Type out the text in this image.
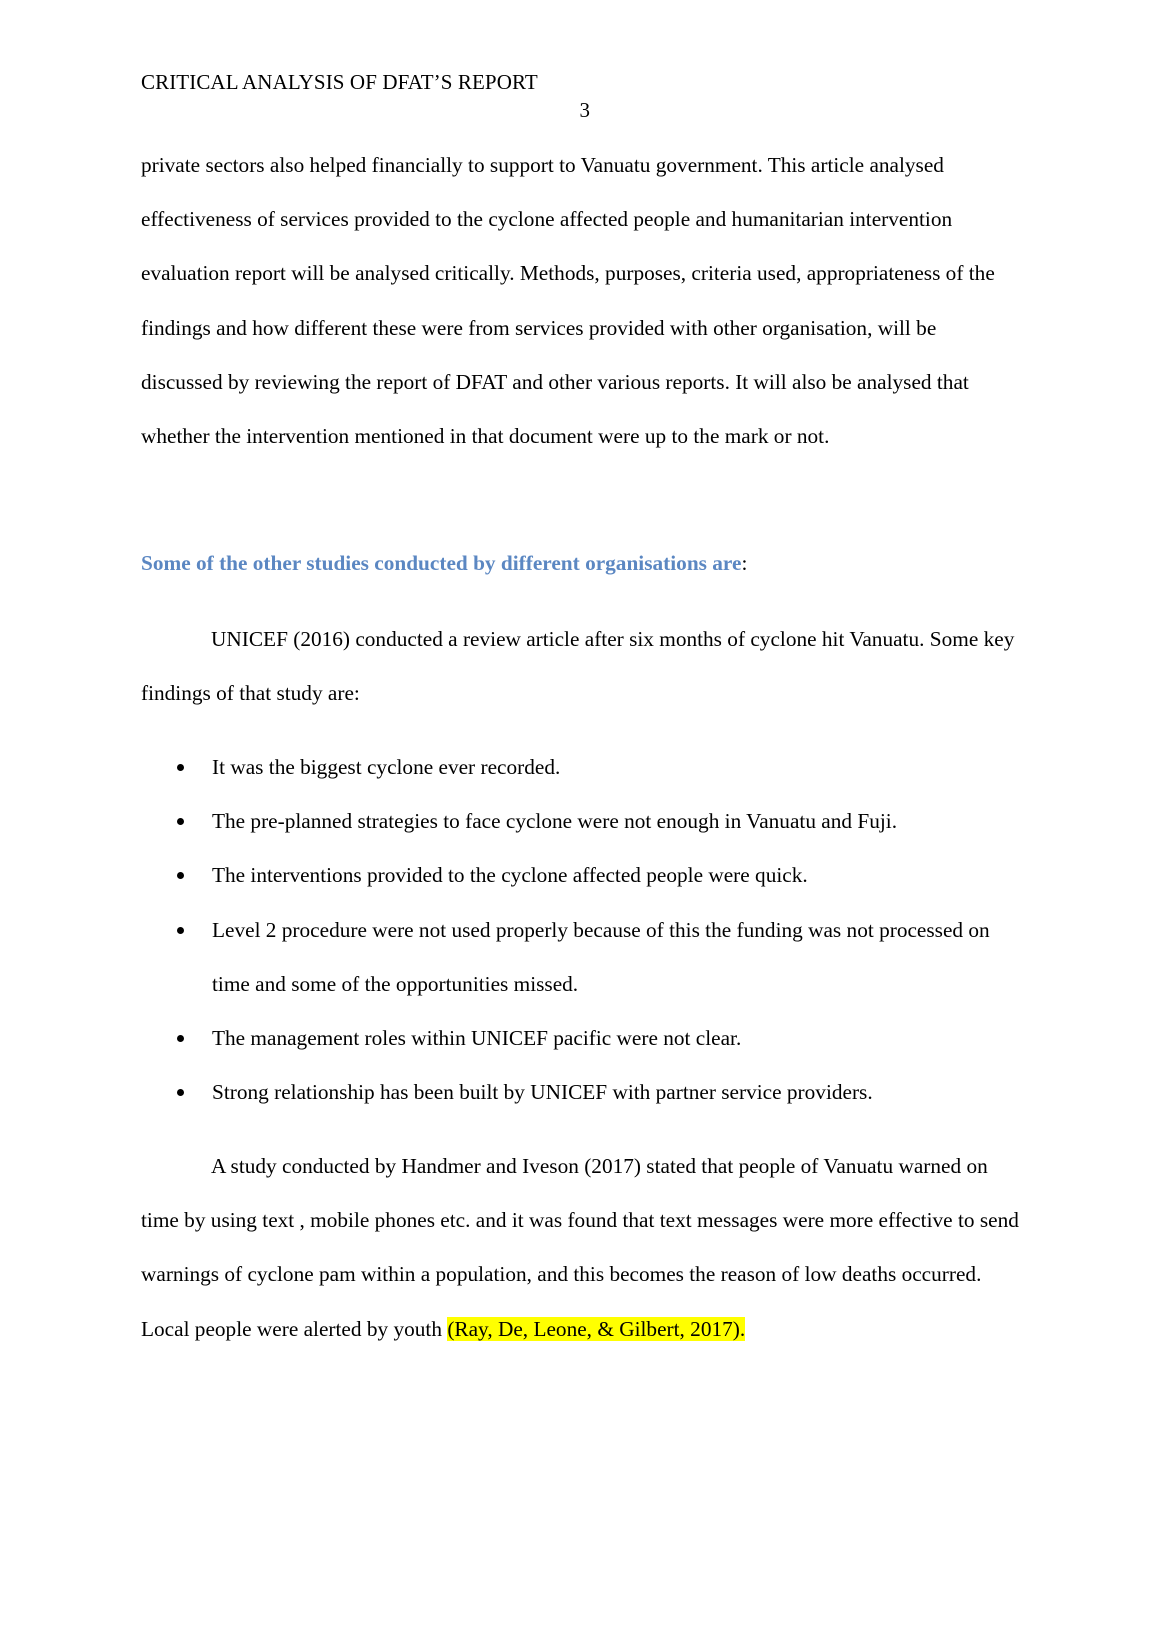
CRITICAL ANALYSIS OF DFAT’S REPORT
3

private sectors also helped financially to support to Vanuatu government. This article analysed effectiveness of services provided to the cyclone affected people and humanitarian intervention evaluation report will be analysed critically. Methods, purposes, criteria used, appropriateness of the findings and how different these were from services provided with other organisation, will be discussed by reviewing the report of DFAT and other various reports. It will also be analysed that whether the intervention mentioned in that document were up to the mark or not.

Some of the other studies conducted by different organisations are:

UNICEF (2016) conducted a review article after six months of cyclone hit Vanuatu. Some key findings of that study are:

It was the biggest cyclone ever recorded.
The pre-planned strategies to face cyclone were not enough in Vanuatu and Fuji.
The interventions provided to the cyclone affected people were quick.
Level 2 procedure were not used properly because of this the funding was not processed on time and some of the opportunities missed.
The management roles within UNICEF pacific were not clear.
Strong relationship has been built by UNICEF with partner service providers.

A study conducted by Handmer and Iveson (2017) stated that people of Vanuatu warned on time by using text , mobile phones etc. and it was found that text messages were more effective to send warnings of cyclone pam within a population, and this becomes the reason of low deaths occurred. Local people were alerted by youth (Ray, De, Leone, & Gilbert, 2017).
